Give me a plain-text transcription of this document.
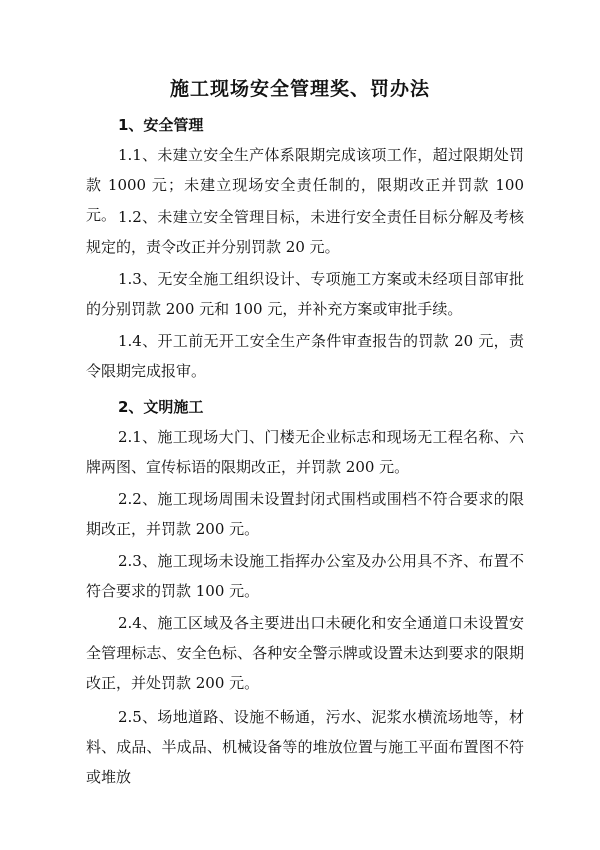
施工现场安全管理奖、罚办法
1、安全管理

1.1、未建立安全生产体系限期完成该项工作，超过限期处罚款 1000 元；未建立现场安全责任制的，限期改正并罚款 100 元。 1.2、未建立安全管理目标，未进行安全责任目标分解及考核规定的，责令改正并分别罚款 20 元。

1.3、无安全施工组织设计、专项施工方案或未经项目部审批的分别罚款 200 元和 100 元，并补充方案或审批手续。

1.4、开工前无开工安全生产条件审查报告的罚款 20 元，责令限期完成报审。

2、文明施工

2.1、施工现场大门、门楼无企业标志和现场无工程名称、六牌两图、宣传标语的限期改正，并罚款 200 元。

2.2、施工现场周围未设置封闭式围档或围档不符合要求的限期改正，并罚款 200 元。

2.3、施工现场未设施工指挥办公室及办公用具不齐、布置不符合要求的罚款 100 元。

2.4、施工区域及各主要进出口未硬化和安全通道口未设置安全管理标志、安全色标、各种安全警示牌或设置未达到要求的限期改正，并处罚款 200 元。

2.5、场地道路、设施不畅通，污水、泥浆水横流场地等，材料、成品、半成品、机械设备等的堆放位置与施工平面布置图不符或堆放
